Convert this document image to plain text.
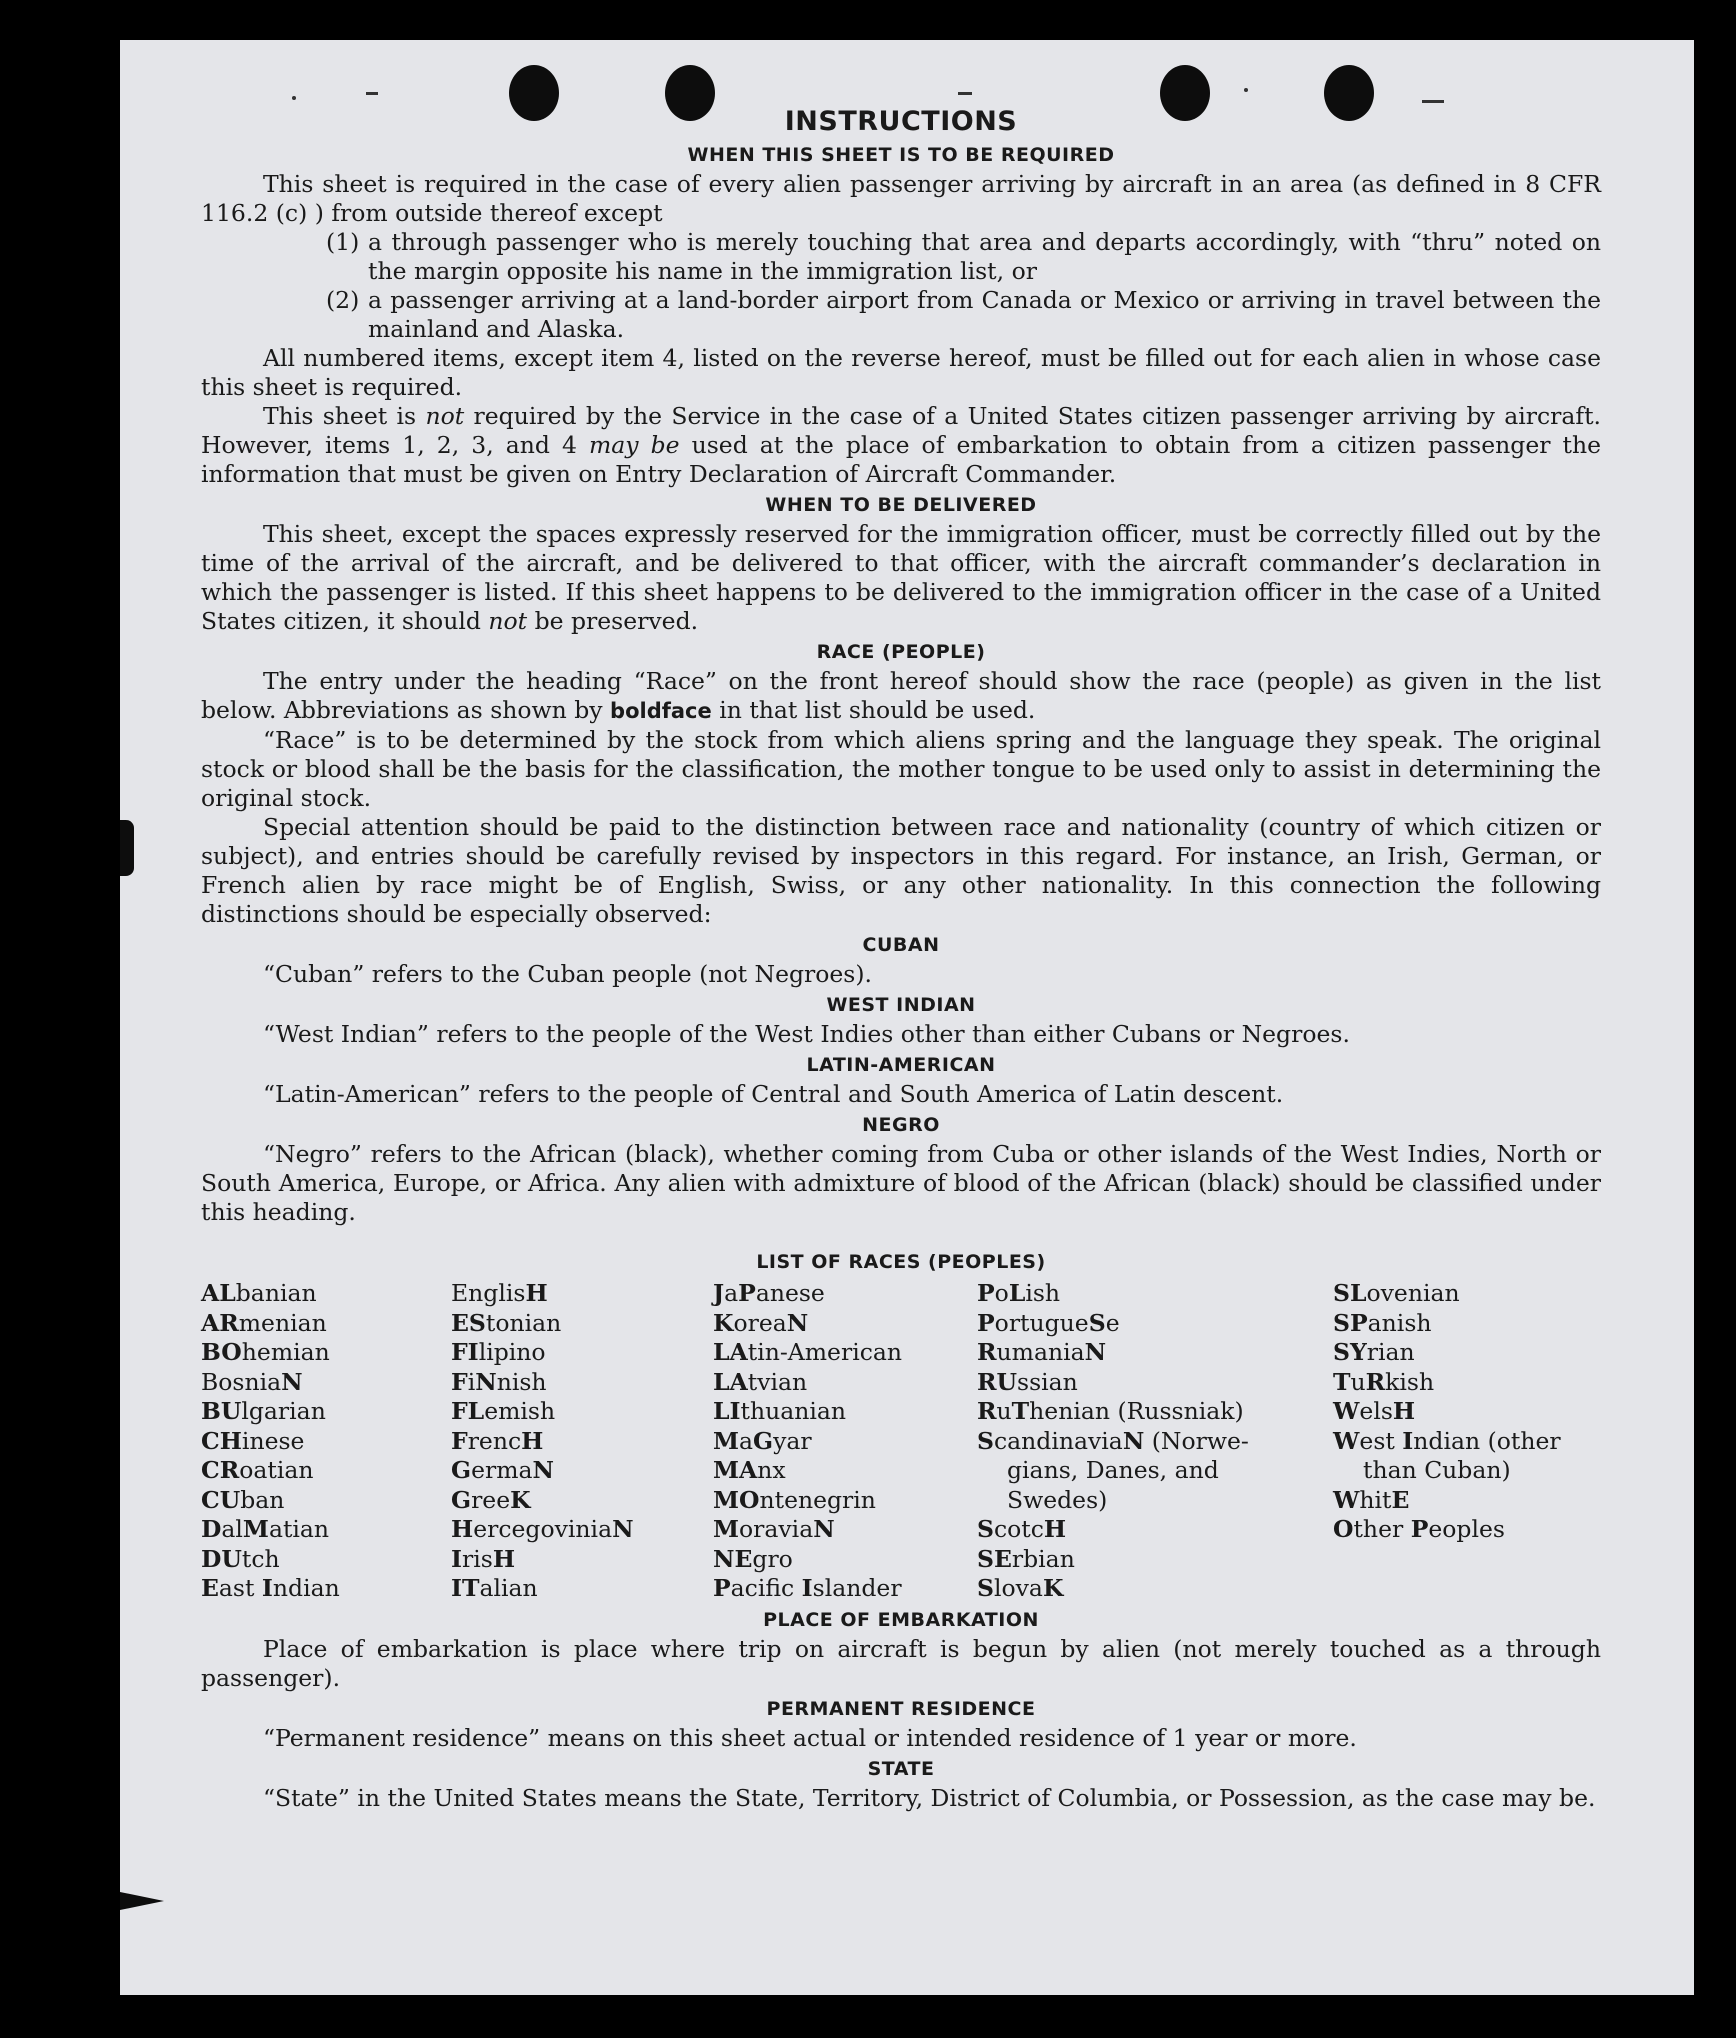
INSTRUCTIONS
WHEN THIS SHEET IS TO BE REQUIRED

This sheet is required in the case of every alien passenger arriving by aircraft in an area (as defined in 8 CFR 116.2 (c) ) from outside thereof except

(1) a through passenger who is merely touching that area and departs accordingly, with “thru” noted on the margin opposite his name in the immigration list, or
(2) a passenger arriving at a land-border airport from Canada or Mexico or arriving in travel between the mainland and Alaska.

All numbered items, except item 4, listed on the reverse hereof, must be filled out for each alien in whose case this sheet is required.

This sheet is not required by the Service in the case of a United States citizen passenger arriving by aircraft. However, items 1, 2, 3, and 4 may be used at the place of embarkation to obtain from a citizen passenger the information that must be given on Entry Declaration of Aircraft Commander.

WHEN TO BE DELIVERED

This sheet, except the spaces expressly reserved for the immigration officer, must be correctly filled out by the time of the arrival of the aircraft, and be delivered to that officer, with the aircraft commander’s declaration in which the passenger is listed. If this sheet happens to be delivered to the immigration officer in the case of a United States citizen, it should not be preserved.

RACE (PEOPLE)

The entry under the heading “Race” on the front hereof should show the race (people) as given in the list below. Abbreviations as shown by boldface in that list should be used.

“Race” is to be determined by the stock from which aliens spring and the language they speak. The original stock or blood shall be the basis for the classification, the mother tongue to be used only to assist in determining the original stock.

Special attention should be paid to the distinction between race and nationality (country of which citizen or subject), and entries should be carefully revised by inspectors in this regard. For instance, an Irish, German, or French alien by race might be of English, Swiss, or any other nationality. In this connection the following distinctions should be especially observed:

CUBAN

“Cuban” refers to the Cuban people (not Negroes).

WEST INDIAN

“West Indian” refers to the people of the West Indies other than either Cubans or Negroes.

LATIN-AMERICAN

“Latin-American” refers to the people of Central and South America of Latin descent.

NEGRO

“Negro” refers to the African (black), whether coming from Cuba or other islands of the West Indies, North or South America, Europe, or Africa. Any alien with admixture of blood of the African (black) should be classified under this heading.

LIST OF RACES (PEOPLES)
ALbanian
ARmenian
BOhemian
BosniaN
BUlgarian
CHinese
CRoatian
CUban
DalMatian
DUtch
East Indian
EnglisH
EStonian
FIlipino
FiNnish
FLemish
FrencH
GermaN
GreeK
HercegoviniaN
IrisH
ITalian
JaPanese
KoreaN
LAtin-American
LAtvian
LIthuanian
MaGyar
MAnx
MOntenegrin
MoraviaN
NEgro
Pacific Islander
PoLish
PortugueSe
RumaniaN
RUssian
RuThenian (Russniak)
ScandinaviaN (Norwe- gians, Danes, and Swedes)
ScotcH
SErbian
SlovaK
SLovenian
SPanish
SYrian
TuRkish
WelsH
West Indian (other than Cuban)
WhitE
Other Peoples
PLACE OF EMBARKATION

Place of embarkation is place where trip on aircraft is begun by alien (not merely touched as a through passenger).

PERMANENT RESIDENCE

“Permanent residence” means on this sheet actual or intended residence of 1 year or more.

STATE

“State” in the United States means the State, Territory, District of Columbia, or Possession, as the case may be.
